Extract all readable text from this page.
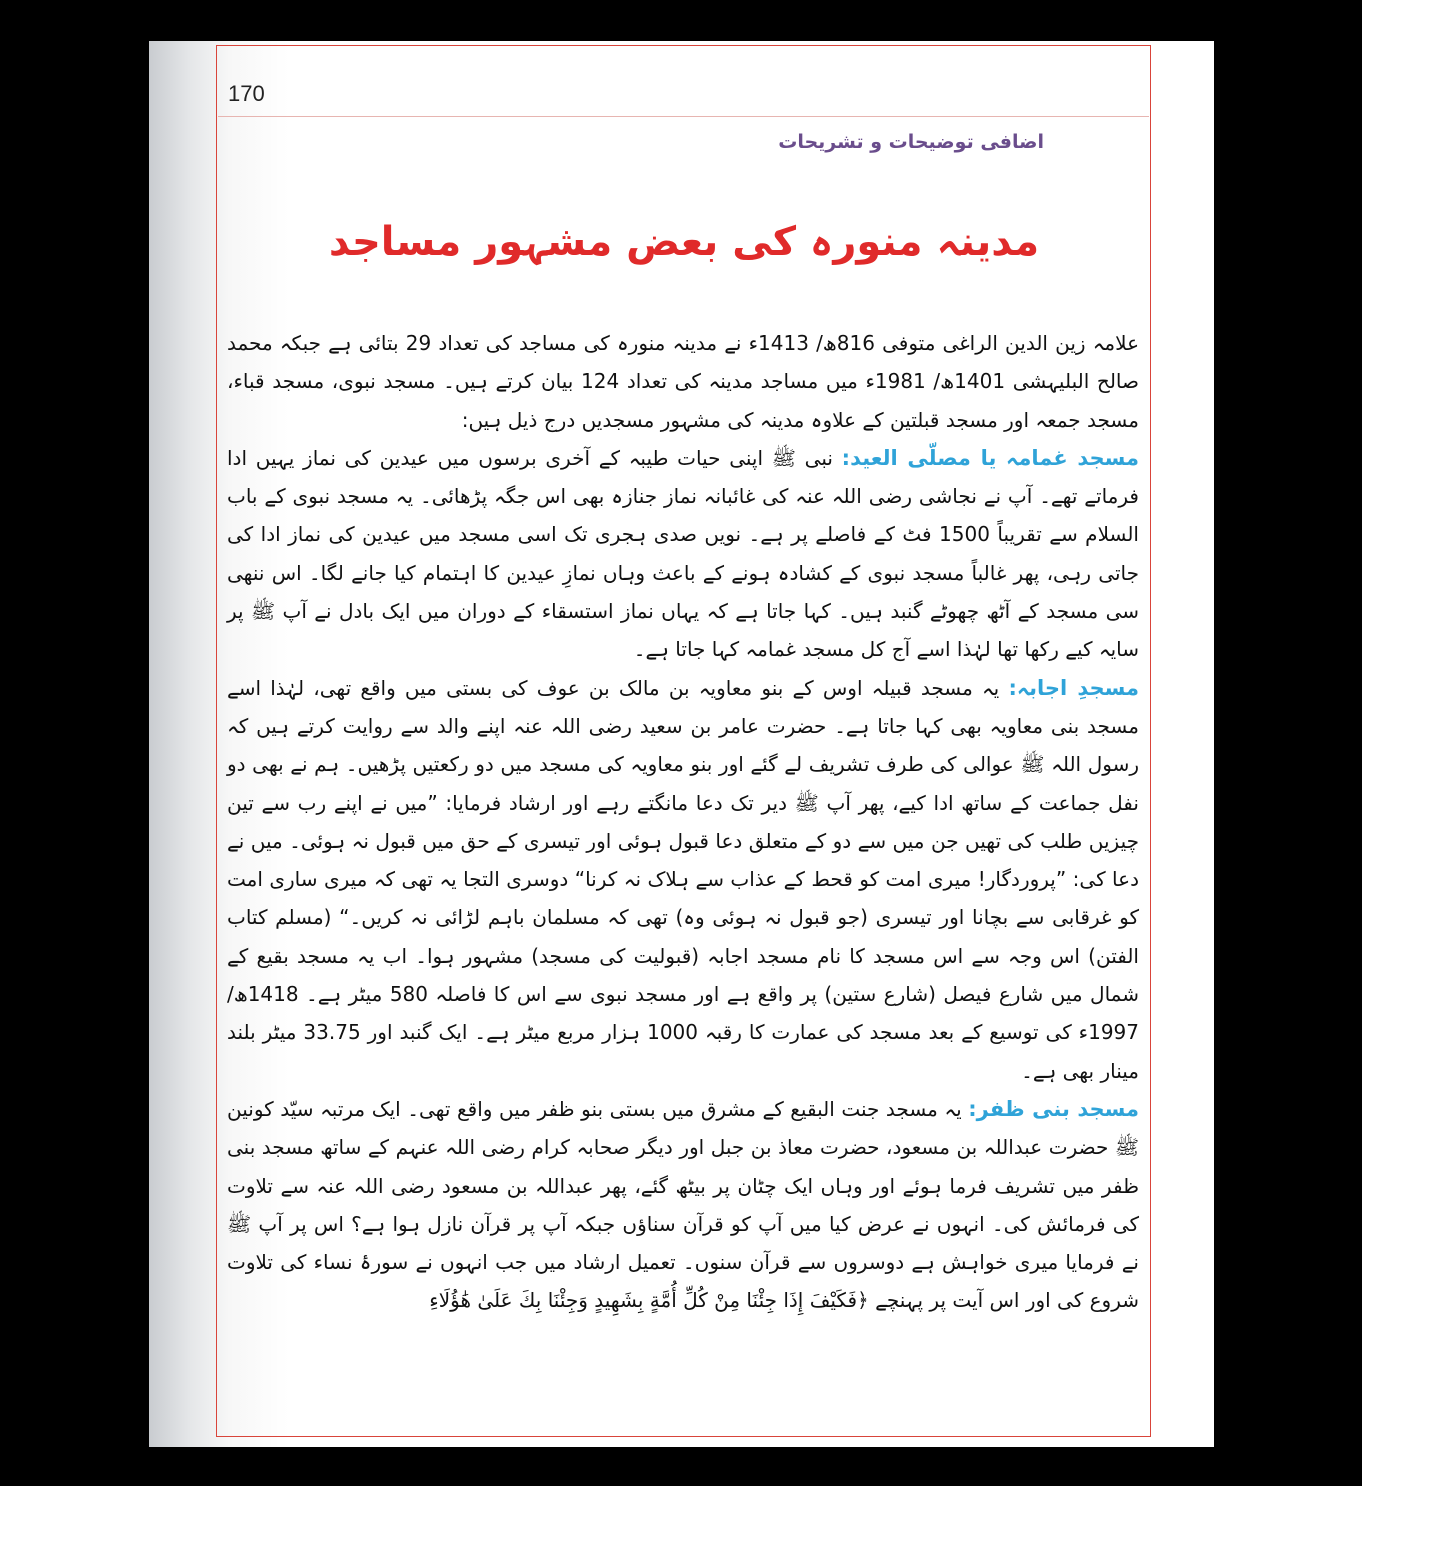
170
اضافی توضیحات و تشریحات
مدینہ منورہ کی بعض مشہور مساجد

علامہ زین الدین الراغی متوفی 816ھ/ 1413ء نے مدینہ منورہ کی مساجد کی تعداد 29 بتائی ہے جبکہ محمد صالح البلیہشی 1401ھ/ 1981ء میں مساجد مدینہ کی تعداد 124 بیان کرتے ہیں۔ مسجد نبوی، مسجد قباء، مسجد جمعہ اور مسجد قبلتین کے علاوہ مدینہ کی مشہور مسجدیں درج ذیل ہیں:

مسجد غمامہ یا مصلّی العید: نبی ﷺ اپنی حیات طیبہ کے آخری برسوں میں عیدین کی نماز یہیں ادا فرماتے تھے۔ آپ نے نجاشی رضی اللہ عنہ کی غائبانہ نماز جنازہ بھی اس جگہ پڑھائی۔ یہ مسجد نبوی کے باب السلام سے تقریباً 1500 فٹ کے فاصلے پر ہے۔ نویں صدی ہجری تک اسی مسجد میں عیدین کی نماز ادا کی جاتی رہی، پھر غالباً مسجد نبوی کے کشادہ ہونے کے باعث وہاں نمازِ عیدین کا اہتمام کیا جانے لگا۔ اس ننھی سی مسجد کے آٹھ چھوٹے گنبد ہیں۔ کہا جاتا ہے کہ یہاں نماز استسقاء کے دوران میں ایک بادل نے آپ ﷺ پر سایہ کیے رکھا تھا لہٰذا اسے آج کل مسجد غمامہ کہا جاتا ہے۔

مسجدِ اجابہ: یہ مسجد قبیلہ اوس کے بنو معاویہ بن مالک بن عوف کی بستی میں واقع تھی، لہٰذا اسے مسجد بنی معاویہ بھی کہا جاتا ہے۔ حضرت عامر بن سعید رضی اللہ عنہ اپنے والد سے روایت کرتے ہیں کہ رسول اللہ ﷺ عوالی کی طرف تشریف لے گئے اور بنو معاویہ کی مسجد میں دو رکعتیں پڑھیں۔ ہم نے بھی دو نفل جماعت کے ساتھ ادا کیے، پھر آپ ﷺ دیر تک دعا مانگتے رہے اور ارشاد فرمایا: ”میں نے اپنے رب سے تین چیزیں طلب کی تھیں جن میں سے دو کے متعلق دعا قبول ہوئی اور تیسری کے حق میں قبول نہ ہوئی۔ میں نے دعا کی: ”پروردگار! میری امت کو قحط کے عذاب سے ہلاک نہ کرنا“ دوسری التجا یہ تھی کہ میری ساری امت کو غرقابی سے بچانا اور تیسری (جو قبول نہ ہوئی وہ) تھی کہ مسلمان باہم لڑائی نہ کریں۔“ (مسلم کتاب الفتن) اس وجہ سے اس مسجد کا نام مسجد اجابہ (قبولیت کی مسجد) مشہور ہوا۔ اب یہ مسجد بقیع کے شمال میں شارع فیصل (شارع ستین) پر واقع ہے اور مسجد نبوی سے اس کا فاصلہ 580 میٹر ہے۔ 1418ھ/ 1997ء کی توسیع کے بعد مسجد کی عمارت کا رقبہ 1000 ہزار مربع میٹر ہے۔ ایک گنبد اور 33.75 میٹر بلند مینار بھی ہے۔

مسجد بنی ظفر: یہ مسجد جنت البقیع کے مشرق میں بستی بنو ظفر میں واقع تھی۔ ایک مرتبہ سیّد کونین ﷺ حضرت عبداللہ بن مسعود، حضرت معاذ بن جبل اور دیگر صحابہ کرام رضی اللہ عنہم کے ساتھ مسجد بنی ظفر میں تشریف فرما ہوئے اور وہاں ایک چٹان پر بیٹھ گئے، پھر عبداللہ بن مسعود رضی اللہ عنہ سے تلاوت کی فرمائش کی۔ انہوں نے عرض کیا میں آپ کو قرآن سناؤں جبکہ آپ پر قرآن نازل ہوا ہے؟ اس پر آپ ﷺ نے فرمایا میری خواہش ہے دوسروں سے قرآن سنوں۔ تعمیل ارشاد میں جب انہوں نے سورۂ نساء کی تلاوت شروع کی اور اس آیت پر پہنچے ﴿فَكَيْفَ إِذَا جِئْنَا مِنْ كُلِّ أُمَّةٍ بِشَهِيدٍ وَجِئْنَا بِكَ عَلَىٰ هَٰؤُلَاءِ
